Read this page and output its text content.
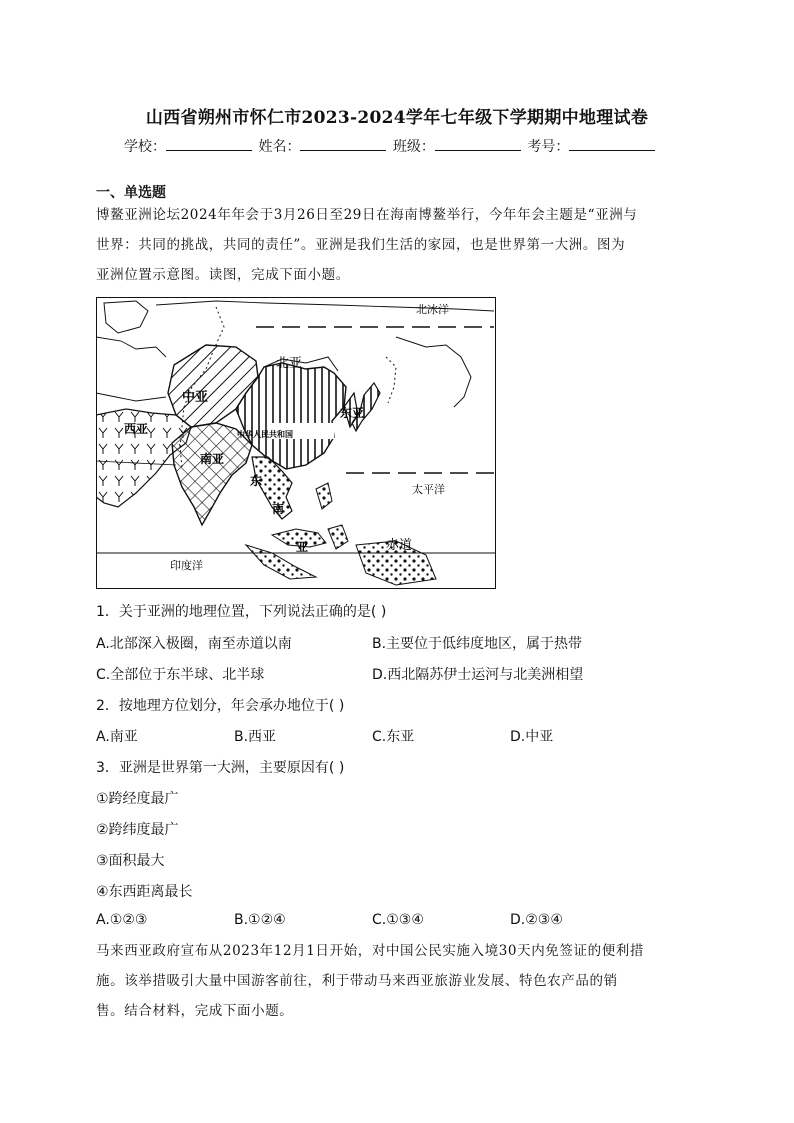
山西省朔州市怀仁市2023-2024学年七年级下学期期中地理试卷
学校：	姓名：	班级：	考号：
一、单选题
博鳌亚洲论坛2024年年会于3月26日至29日在海南博鳌举行，今年年会主题是“亚洲与
世界：共同的挑战，共同的责任”。亚洲是我们生活的家园，也是世界第一大洲。图为
亚洲位置示意图。读图，完成下面小题。
北冰洋
北亚
中亚
东亚
西亚	中华人民共和国
南亚
东
南
亚
太平洋
赤道
印度洋
1．关于亚洲的地理位置，下列说法正确的是( )
A.北部深入极圈，南至赤道以南	B.主要位于低纬度地区，属于热带
C.全部位于东半球、北半球	D.西北隔苏伊士运河与北美洲相望
2．按地理方位划分，年会承办地位于( )
A.南亚	B.西亚	C.东亚	D.中亚
3．亚洲是世界第一大洲，主要原因有( )
①跨经度最广
②跨纬度最广
③面积最大
④东西距离最长
A.①②③	B.①②④	C.①③④	D.②③④
马来西亚政府宣布从2023年12月1日开始，对中国公民实施入境30天内免签证的便利措
施。该举措吸引大量中国游客前往，利于带动马来西亚旅游业发展、特色农产品的销
售。结合材料，完成下面小题。
